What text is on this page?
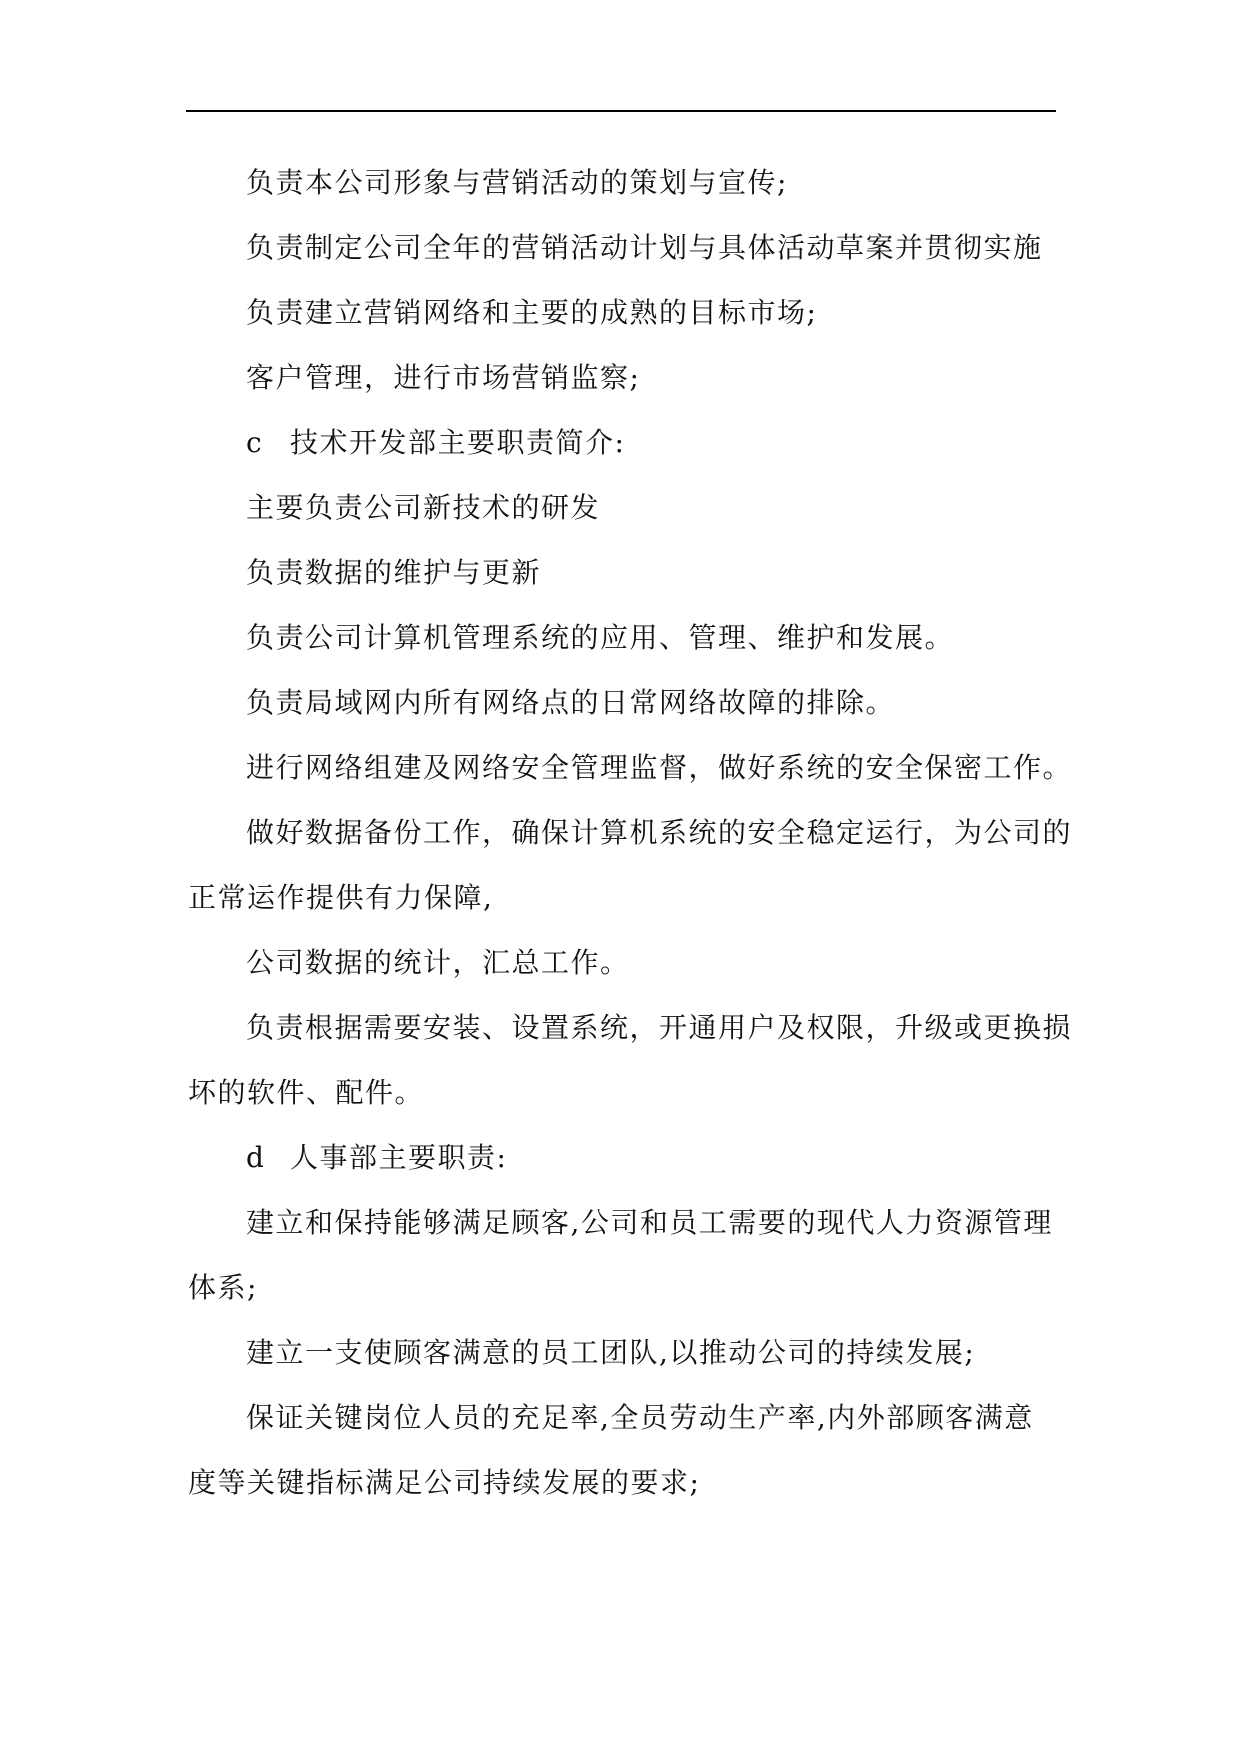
负责本公司形象与营销活动的策划与宣传;

负责制定公司全年的营销活动计划与具体活动草案并贯彻实施

负责建立营销网络和主要的成熟的目标市场;

客户管理，进行市场营销监察;

c 技术开发部主要职责简介:

主要负责公司新技术的研发

负责数据的维护与更新

负责公司计算机管理系统的应用、管理、维护和发展。

负责局域网内所有网络点的日常网络故障的排除。

进行网络组建及网络安全管理监督，做好系统的安全保密工作。

做好数据备份工作，确保计算机系统的安全稳定运行，为公司的

正常运作提供有力保障,

公司数据的统计，汇总工作。

负责根据需要安装、设置系统，开通用户及权限，升级或更换损

坏的软件、配件。

d 人事部主要职责:

建立和保持能够满足顾客,公司和员工需要的现代人力资源管理

体系;

建立一支使顾客满意的员工团队,以推动公司的持续发展;

保证关键岗位人员的充足率,全员劳动生产率,内外部顾客满意

度等关键指标满足公司持续发展的要求;
